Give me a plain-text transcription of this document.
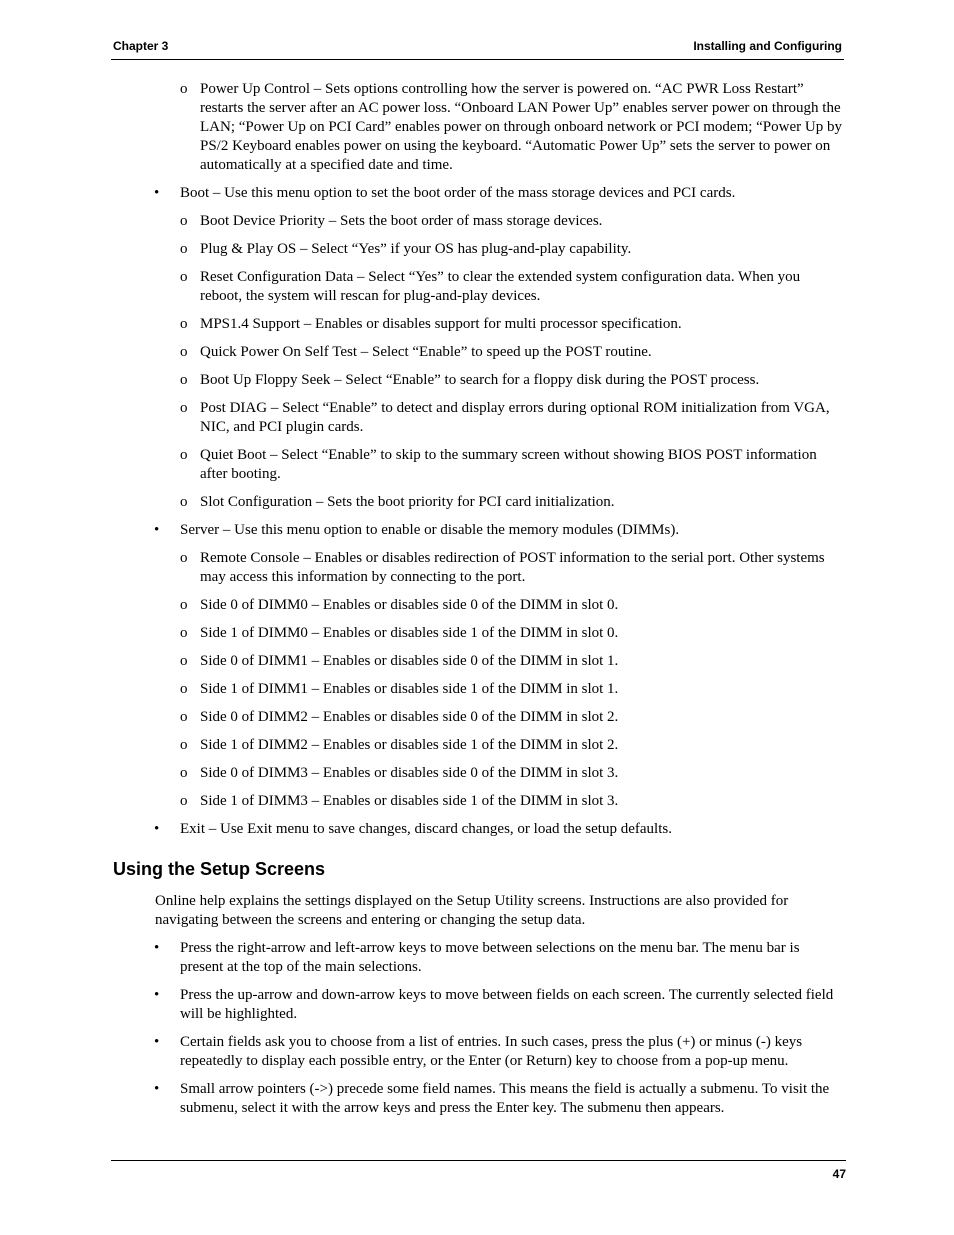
Chapter 3	Installing and Configuring
o Power Up Control – Sets options controlling how the server is powered on. “AC PWR Loss Restart” restarts the server after an AC power loss. “Onboard LAN Power Up” enables server power on through the LAN; “Power Up on PCI Card” enables power on through onboard network or PCI modem; “Power Up by PS/2 Keyboard enables power on using the keyboard. “Automatic Power Up” sets the server to power on automatically at a specified date and time.
• Boot – Use this menu option to set the boot order of the mass storage devices and PCI cards.
o Boot Device Priority – Sets the boot order of mass storage devices.
o Plug & Play OS – Select “Yes” if your OS has plug-and-play capability.
o Reset Configuration Data – Select “Yes” to clear the extended system configuration data. When you reboot, the system will rescan for plug-and-play devices.
o MPS1.4 Support – Enables or disables support for multi processor specification.
o Quick Power On Self Test – Select “Enable” to speed up the POST routine.
o Boot Up Floppy Seek – Select “Enable” to search for a floppy disk during the POST process.
o Post DIAG – Select “Enable” to detect and display errors during optional ROM initialization from VGA, NIC, and PCI plugin cards.
o Quiet Boot – Select “Enable” to skip to the summary screen without showing BIOS POST information after booting.
o Slot Configuration – Sets the boot priority for PCI card initialization.
• Server – Use this menu option to enable or disable the memory modules (DIMMs).
o Remote Console – Enables or disables redirection of POST information to the serial port. Other systems may access this information by connecting to the port.
o Side 0 of DIMM0 – Enables or disables side 0 of the DIMM in slot 0.
o Side 1 of DIMM0 – Enables or disables side 1 of the DIMM in slot 0.
o Side 0 of DIMM1 – Enables or disables side 0 of the DIMM in slot 1.
o Side 1 of DIMM1 – Enables or disables side 1 of the DIMM in slot 1.
o Side 0 of DIMM2 – Enables or disables side 0 of the DIMM in slot 2.
o Side 1 of DIMM2 – Enables or disables side 1 of the DIMM in slot 2.
o Side 0 of DIMM3 – Enables or disables side 0 of the DIMM in slot 3.
o Side 1 of DIMM3 – Enables or disables side 1 of the DIMM in slot 3.
• Exit – Use Exit menu to save changes, discard changes, or load the setup defaults.
Using the Setup Screens
Online help explains the settings displayed on the Setup Utility screens. Instructions are also provided for navigating between the screens and entering or changing the setup data.
• Press the right-arrow and left-arrow keys to move between selections on the menu bar. The menu bar is present at the top of the main selections.
• Press the up-arrow and down-arrow keys to move between fields on each screen. The currently selected field will be highlighted.
• Certain fields ask you to choose from a list of entries. In such cases, press the plus (+) or minus (-) keys repeatedly to display each possible entry, or the Enter (or Return) key to choose from a pop-up menu.
• Small arrow pointers (->) precede some field names. This means the field is actually a submenu. To visit the submenu, select it with the arrow keys and press the Enter key. The submenu then appears.
47
